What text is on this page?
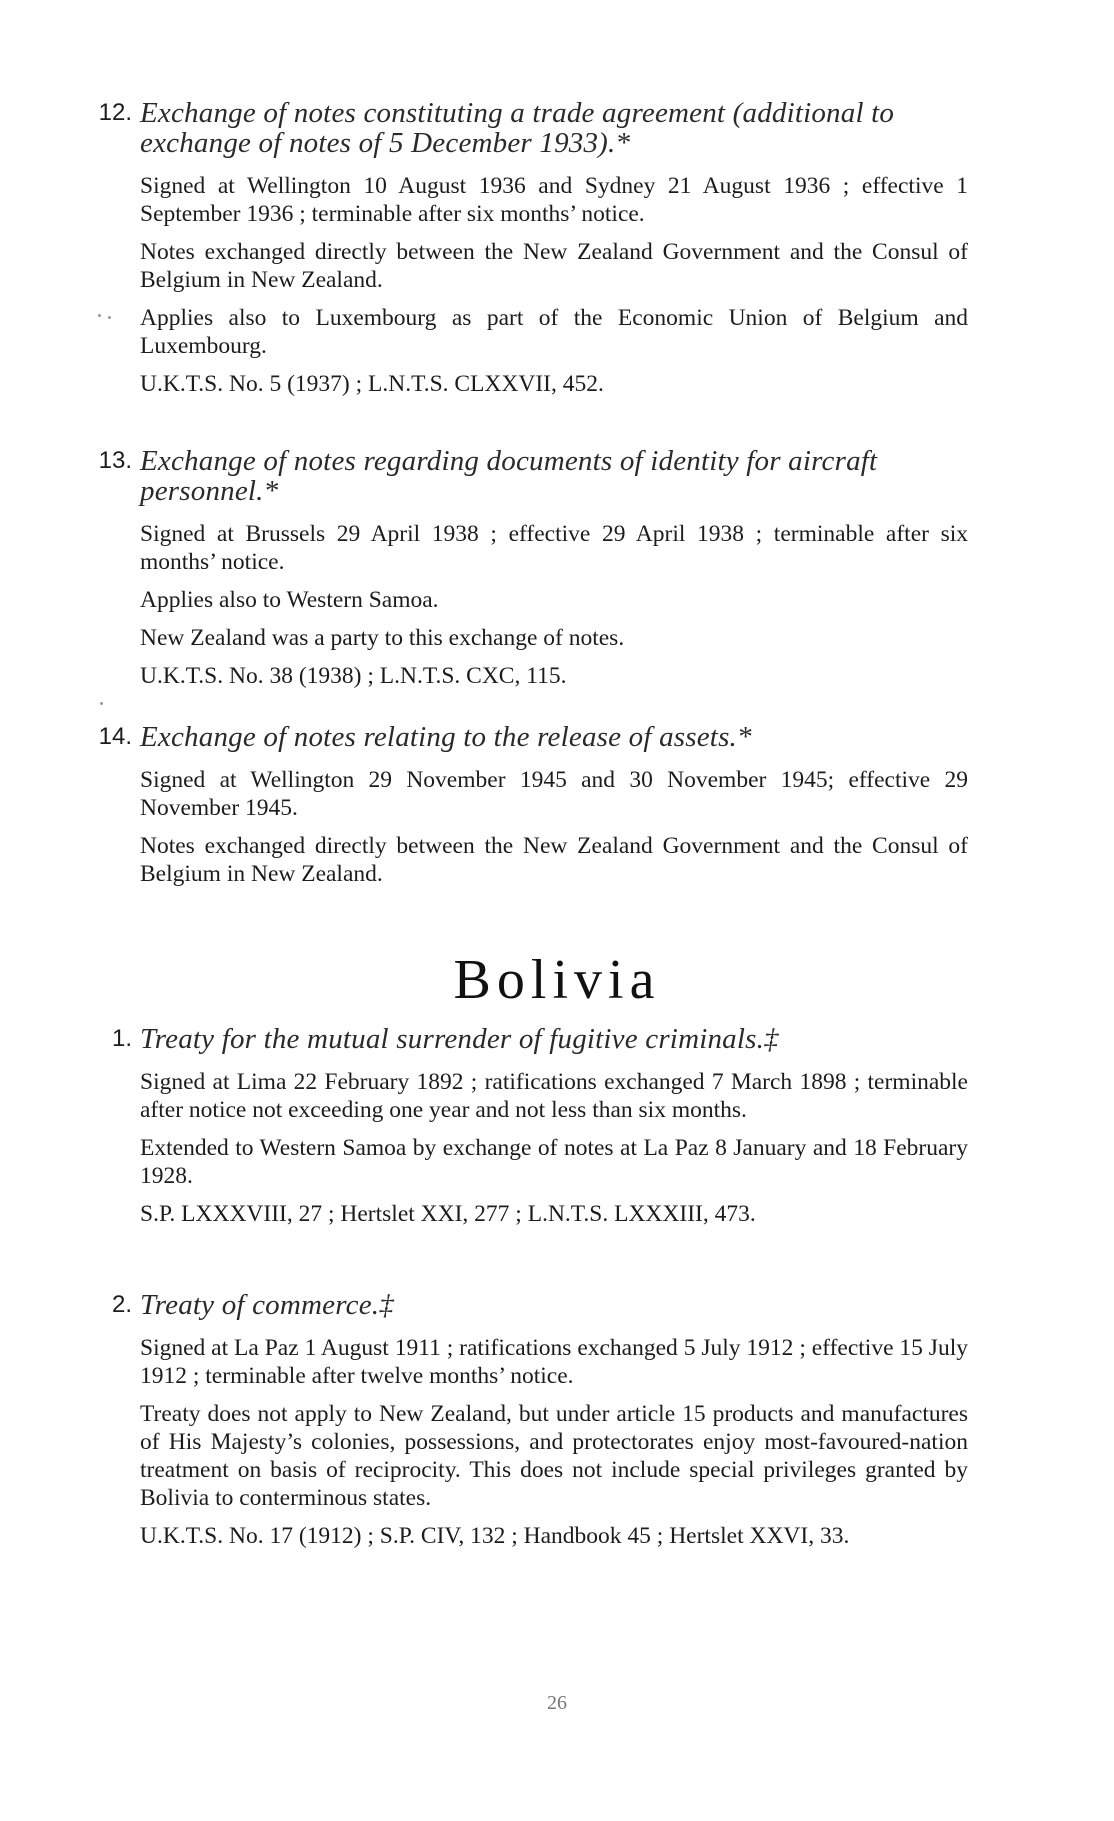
12. Exchange of notes constituting a trade agreement (additional to exchange of notes of 5 December 1933).*
Signed at Wellington 10 August 1936 and Sydney 21 August 1936 ; effective 1 September 1936 ; terminable after six months’ notice.
Notes exchanged directly between the New Zealand Government and the Consul of Belgium in New Zealand.
Applies also to Luxembourg as part of the Economic Union of Belgium and Luxembourg.
U.K.T.S. No. 5 (1937) ; L.N.T.S. CLXXVII, 452.
13. Exchange of notes regarding documents of identity for aircraft personnel.*
Signed at Brussels 29 April 1938 ; effective 29 April 1938 ; terminable after six months’ notice.
Applies also to Western Samoa.
New Zealand was a party to this exchange of notes.
U.K.T.S. No. 38 (1938) ; L.N.T.S. CXC, 115.
14. Exchange of notes relating to the release of assets.*
Signed at Wellington 29 November 1945 and 30 November 1945; effective 29 November 1945.
Notes exchanged directly between the New Zealand Government and the Consul of Belgium in New Zealand.
Bolivia
1. Treaty for the mutual surrender of fugitive criminals.‡
Signed at Lima 22 February 1892 ; ratifications exchanged 7 March 1898 ; terminable after notice not exceeding one year and not less than six months.
Extended to Western Samoa by exchange of notes at La Paz 8 January and 18 February 1928.
S.P. LXXXVIII, 27 ; Hertslet XXI, 277 ; L.N.T.S. LXXXIII, 473.
2. Treaty of commerce.‡
Signed at La Paz 1 August 1911 ; ratifications exchanged 5 July 1912 ; effective 15 July 1912 ; terminable after twelve months’ notice.
Treaty does not apply to New Zealand, but under article 15 products and manufactures of His Majesty’s colonies, possessions, and protectorates enjoy most-favoured-nation treatment on basis of reciprocity. This does not include special privileges granted by Bolivia to conterminous states.
U.K.T.S. No. 17 (1912) ; S.P. CIV, 132 ; Handbook 45 ; Hertslet XXVI, 33.
26
